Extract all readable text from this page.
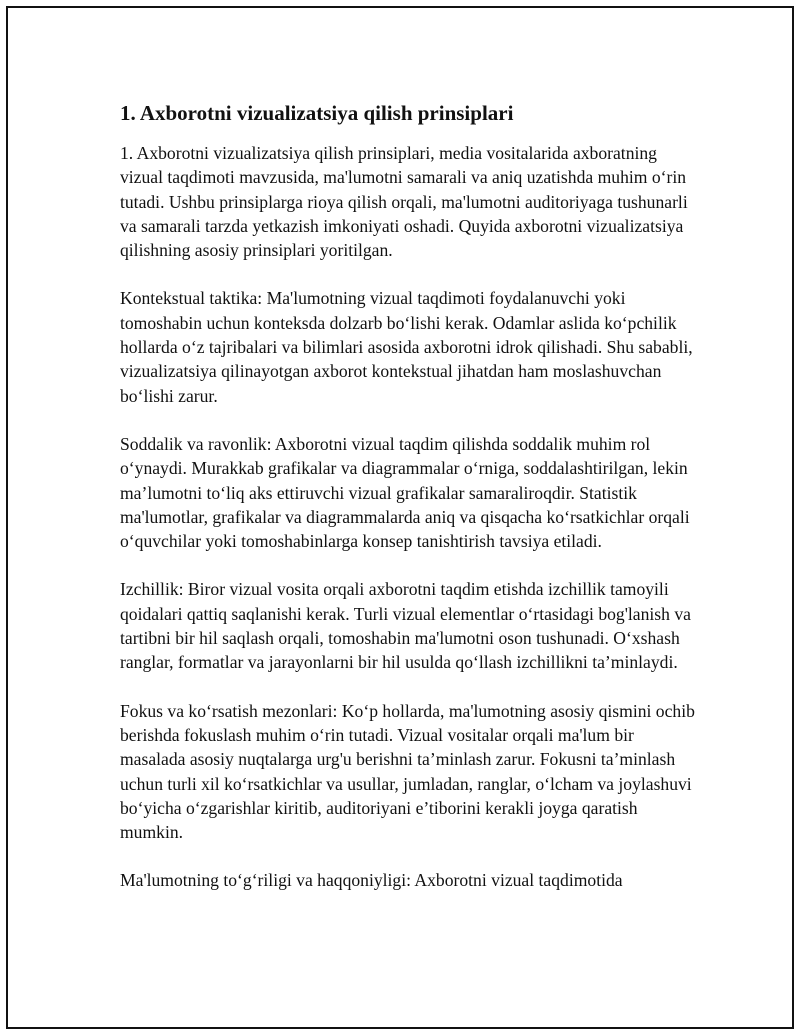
1. Axborotni vizualizatsiya qilish prinsiplari

1. Axborotni vizualizatsiya qilish prinsiplari, media vositalarida axboratning vizual taqdimoti mavzusida, ma'lumotni samarali va aniq uzatishda muhim o‘rin tutadi. Ushbu prinsiplarga rioya qilish orqali, ma'lumotni auditoriyaga tushunarli va samarali tarzda yetkazish imkoniyati oshadi. Quyida axborotni vizualizatsiya qilishning asosiy prinsiplari yoritilgan.

Kontekstual taktika: Ma'lumotning vizual taqdimoti foydalanuvchi yoki tomoshabin uchun konteksda dolzarb bo‘lishi kerak. Odamlar aslida ko‘pchilik hollarda o‘z tajribalari va bilimlari asosida axborotni idrok qilishadi. Shu sababli, vizualizatsiya qilinayotgan axborot kontekstual jihatdan ham moslashuvchan bo‘lishi zarur.

Soddalik va ravonlik: Axborotni vizual taqdim qilishda soddalik muhim rol o‘ynaydi. Murakkab grafikalar va diagrammalar o‘rniga, soddalashtirilgan, lekin ma’lumotni to‘liq aks ettiruvchi vizual grafikalar samaraliroqdir. Statistik ma'lumotlar, grafikalar va diagrammalarda aniq va qisqacha ko‘rsatkichlar orqali o‘quvchilar yoki tomoshabinlarga konsep tanishtirish tavsiya etiladi.

Izchillik: Biror vizual vosita orqali axborotni taqdim etishda izchillik tamoyili qoidalari qattiq saqlanishi kerak. Turli vizual elementlar o‘rtasidagi bog'lanish va tartibni bir hil saqlash orqali, tomoshabin ma'lumotni oson tushunadi. O‘xshash ranglar, formatlar va jarayonlarni bir hil usulda qo‘llash izchillikni ta’minlaydi.

Fokus va ko‘rsatish mezonlari: Ko‘p hollarda, ma'lumotning asosiy qismini ochib berishda fokuslash muhim o‘rin tutadi. Vizual vositalar orqali ma'lum bir masalada asosiy nuqtalarga urg'u berishni ta’minlash zarur. Fokusni ta’minlash uchun turli xil ko‘rsatkichlar va usullar, jumladan, ranglar, o‘lcham va joylashuvi bo‘yicha o‘zgarishlar kiritib, auditoriyani e’tiborini kerakli joyga qaratish mumkin.

Ma'lumotning to‘g‘riligi va haqqoniyligi: Axborotni vizual taqdimotida
